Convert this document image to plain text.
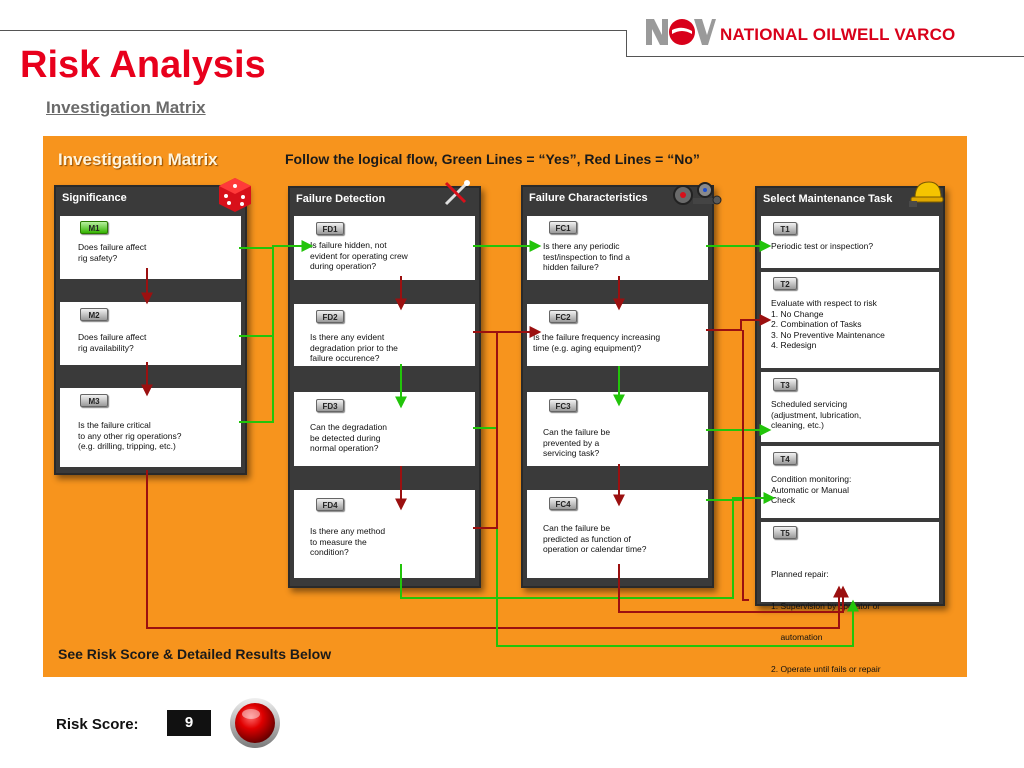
NATIONAL OILWELL VARCO
Risk Analysis
Investigation Matrix
Investigation Matrix	Follow the logical flow, Green Lines = “Yes”, Red Lines = “No”
Significance
M1
Does failure affect
rig safety?
M2
Does failure affect
rig availability?
M3
Is the failure critical
to any other rig operations?
(e.g. drilling, tripping, etc.)
Failure Detection
FD1
Is failure hidden, not
evident for operating crew
during operation?
FD2
Is there any evident
degradation prior to the
failure occurence?
FD3
Can the degradation
be detected during
normal operation?
FD4
Is there any method
to measure the
condition?
Failure Characteristics
FC1
Is there any periodic
test/inspection to find a
hidden failure?
FC2
Is the failure frequency increasing
time (e.g. aging equipment)?
FC3
Can the failure be
prevented by a
servicing task?
FC4
Can the failure be
predicted as function of
operation or calendar time?
Select Maintenance Task
T1
Periodic test or inspection?
T2
Evaluate with respect to risk
1. No Change
2. Combination of Tasks
3. No Preventive Maintenance
4. Redesign
T3
Scheduled servicing
(adjustment, lubrication,
cleaning, etc.)
T4
Condition monitoring:
Automatic or Manual
Check
T5

Planned repair:

1. Supervision by operator or

automation

2. Operate until fails or repair

See Risk Score & Detailed Results Below
Risk Score:	9
